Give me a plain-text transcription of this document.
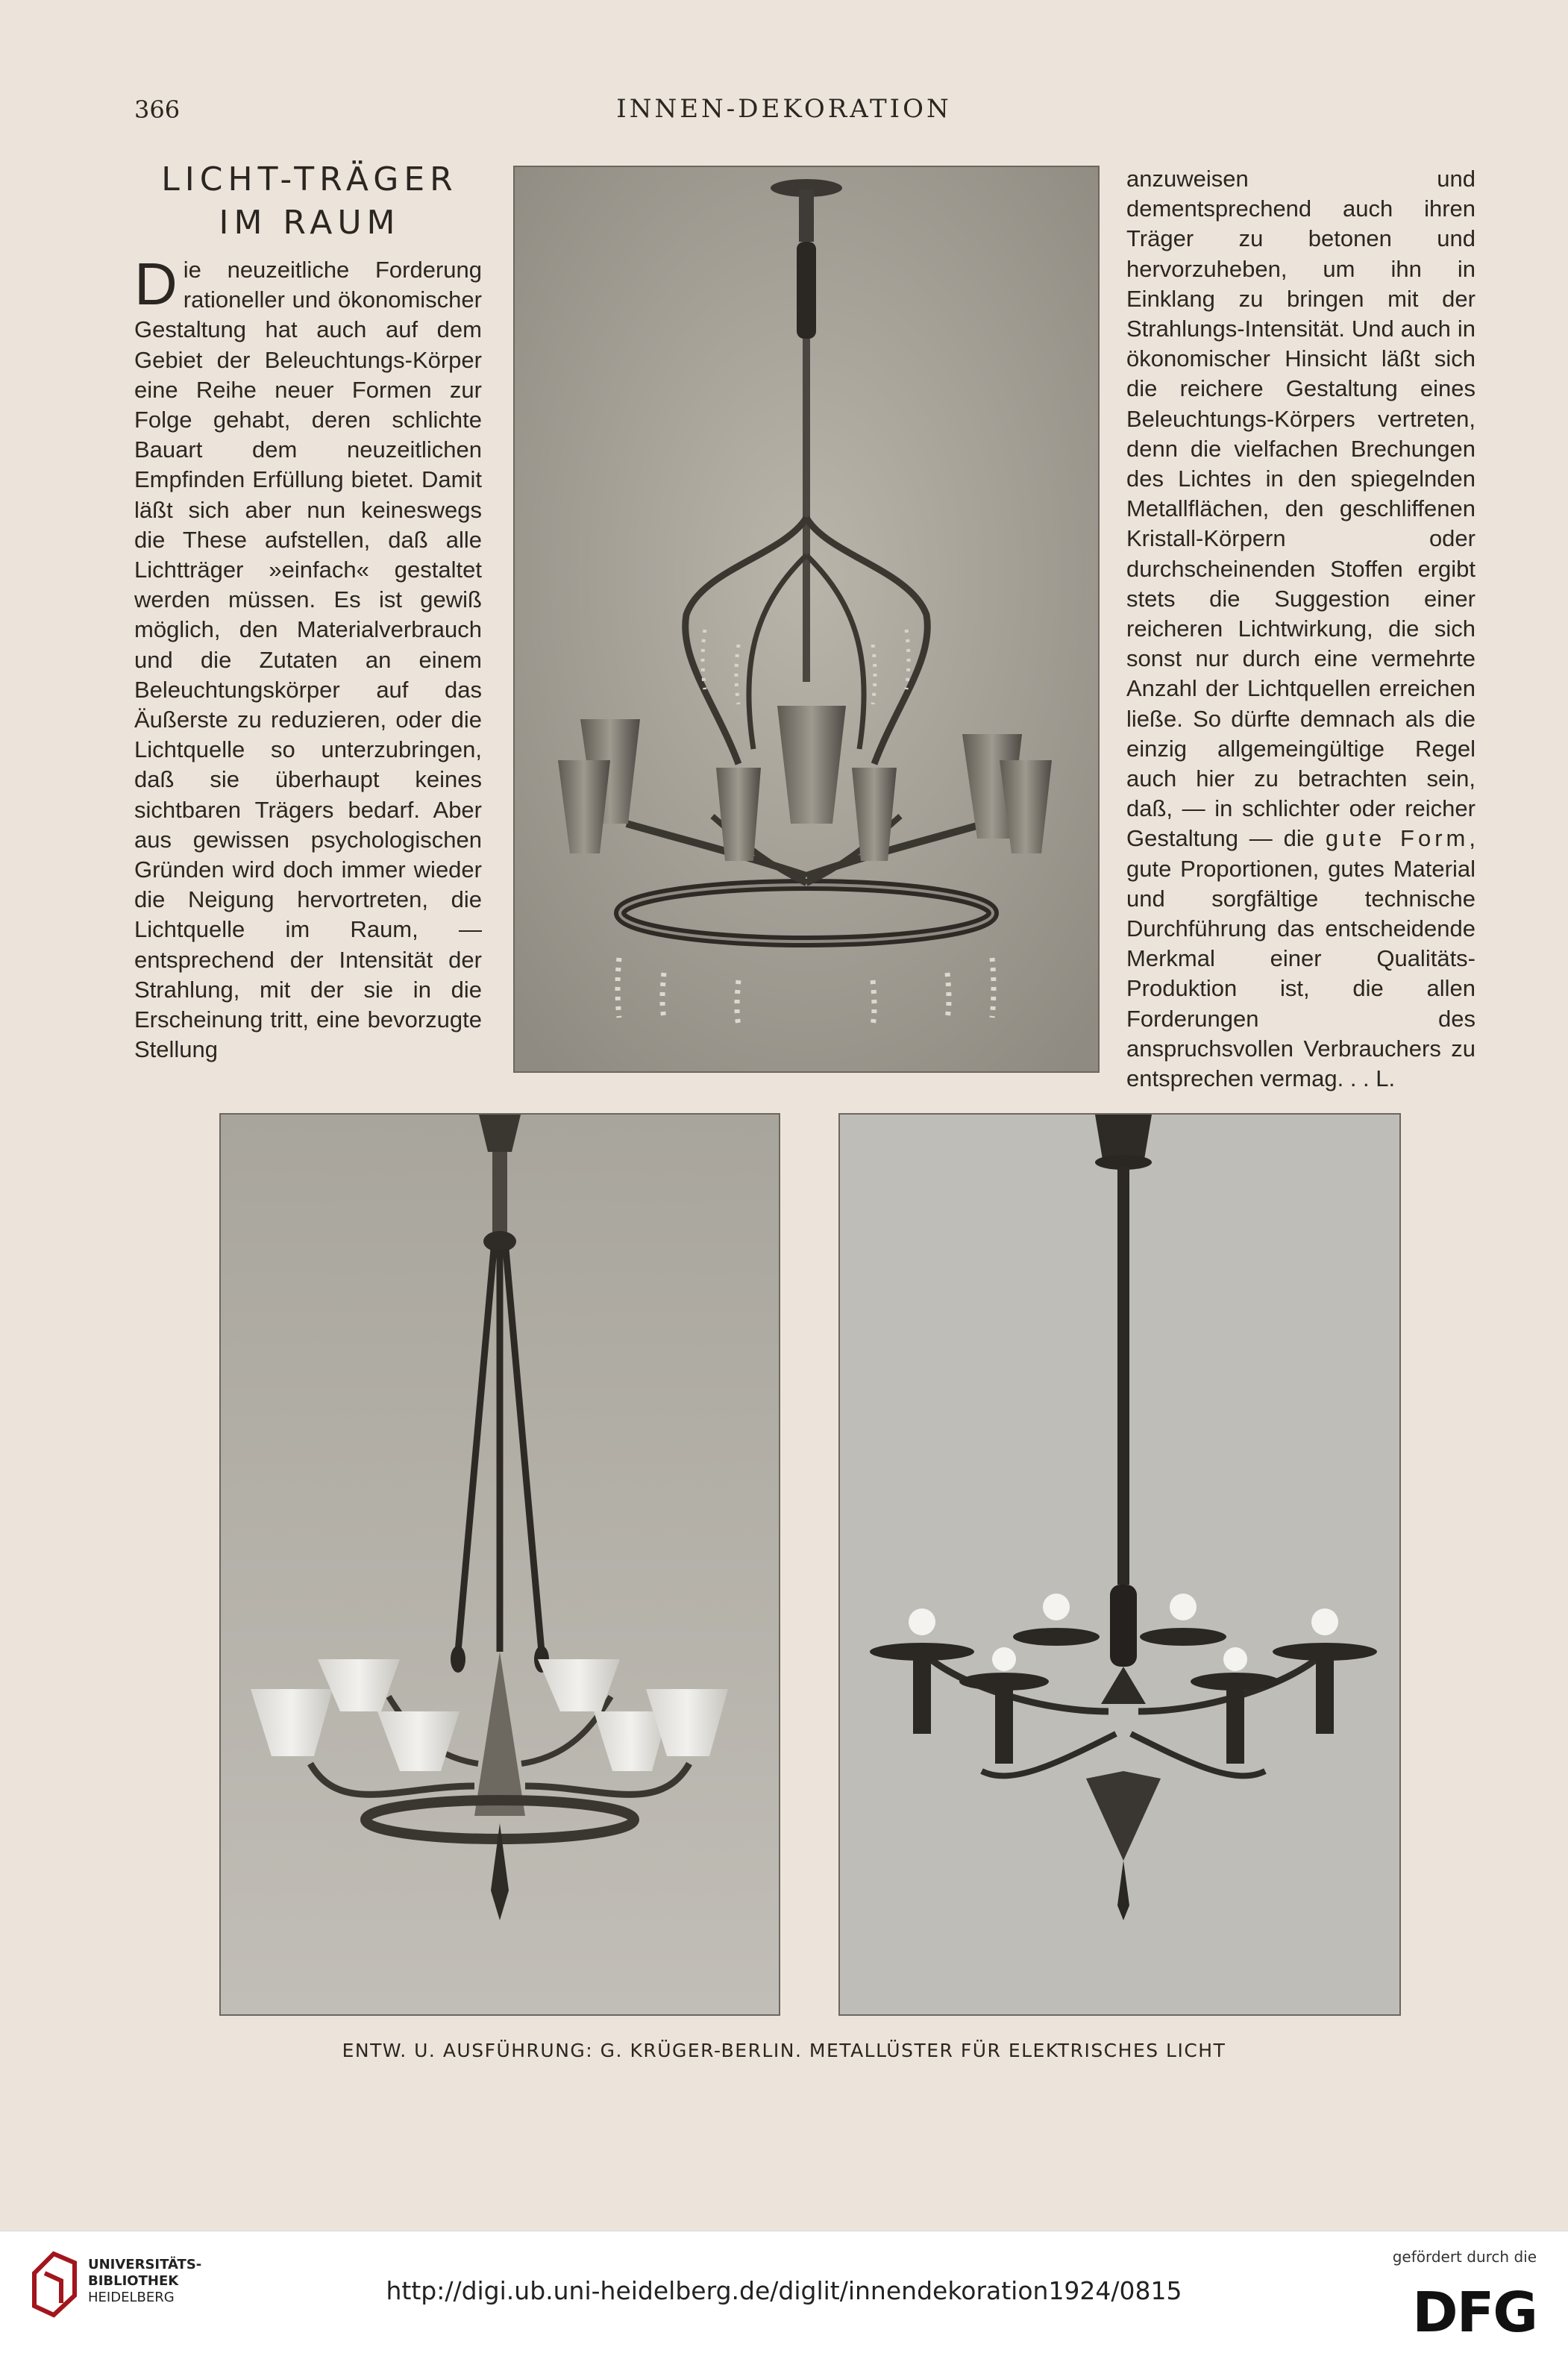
366	INNEN-DEKORATION
LICHT-TRÄGER
IM RAUM

Die neuzeitliche Forderung rationeller und ökonomischer Gestaltung hat auch auf dem Gebiet der Beleuchtungs-Körper eine Reihe neuer Formen zur Folge gehabt, deren schlichte Bauart dem neuzeitlichen Empfinden Erfüllung bietet. Damit läßt sich aber nun keineswegs die These aufstellen, daß alle Lichtträger »einfach« gestaltet werden müssen. Es ist gewiß möglich, den Materialverbrauch und die Zutaten an einem Beleuchtungskörper auf das Äußerste zu reduzieren, oder die Lichtquelle so unterzubringen, daß sie überhaupt keines sichtbaren Trägers bedarf. Aber aus gewissen psychologischen Gründen wird doch immer wieder die Neigung hervortreten, die Lichtquelle im Raum, — entsprechend der Intensität der Strahlung, mit der sie in die Erscheinung tritt, eine bevorzugte Stellung

anzuweisen und dementsprechend auch ihren Träger zu betonen und hervorzuheben, um ihn in Einklang zu bringen mit der Strahlungs-Intensität. Und auch in ökonomischer Hinsicht läßt sich die reichere Gestaltung eines Beleuchtungs-Körpers vertreten, denn die vielfachen Brechungen des Lichtes in den spiegelnden Metallflächen, den geschliffenen Kristall-Körpern oder durchscheinenden Stoffen ergibt stets die Suggestion einer reicheren Lichtwirkung, die sich sonst nur durch eine vermehrte Anzahl der Lichtquellen erreichen ließe. So dürfte demnach als die einzig allgemeingültige Regel auch hier zu betrachten sein, daß, — in schlichter oder reicher Gestaltung — die gute Form, gute Proportionen, gutes Material und sorgfältige technische Durchführung das entscheidende Merkmal einer Qualitäts-Produktion ist, die allen Forderungen des anspruchsvollen Verbrauchers zu entsprechen vermag. . . L.

ENTW. U. AUSFÜHRUNG: G. KRÜGER-BERLIN. METALLÜSTER FÜR ELEKTRISCHES LICHT
UNIVERSITÄTS-
BIBLIOTHEK
HEIDELBERG	http://digi.ub.uni-heidelberg.de/diglit/innendekoration1924/0815
gefördert durch die
DFG
